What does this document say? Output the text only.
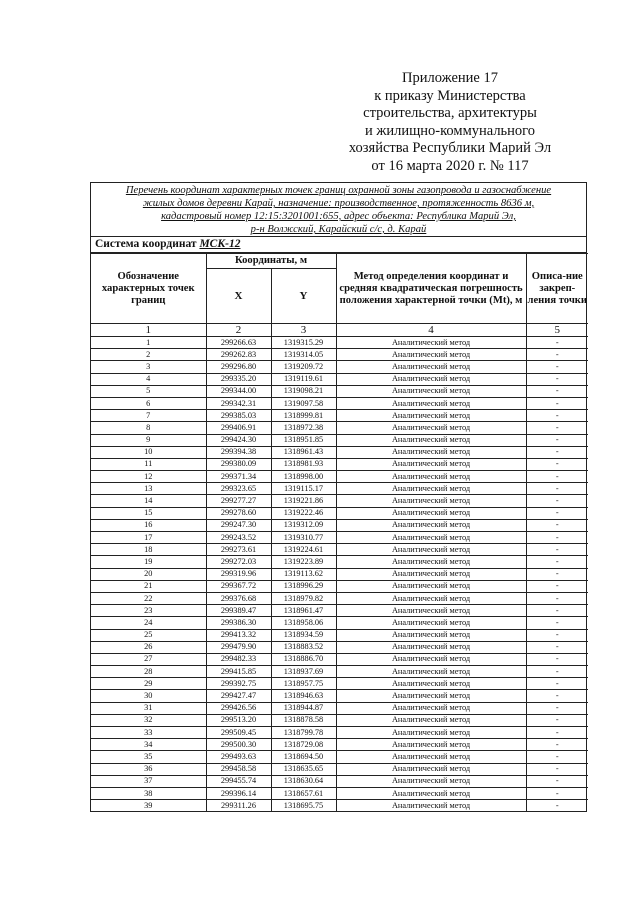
Приложение 17
к приказу Министерства
строительства, архитектуры
и жилищно-коммунального
хозяйства Республики Марий Эл
от 16 марта 2020 г. № 117
Перечень координат характерных точек границ охранной зоны газопровода и газоснабжение
жилых домов деревни Карай, назначение: производственное, протяженность 8636 м,
кадастровый номер 12:15:3201001:655, адрес объекта: Республика Марий Эл,
р-н Волжский, Карайский с/с, д. Карай
Система координат МСК-12
Обозначение характерных точек границ	Координаты, м		Метод определения координат и средняя квадратическая погрешность положения характерной точки (Mt), м	Описа-ние закреп-ления точки
	X	Y		
1	2	3	4	5
1	299266.63	1319315.29	Аналитический метод	-
2	299262.83	1319314.05	Аналитический метод	-
3	299296.80	1319209.72	Аналитический метод	-
4	299335.20	1319119.61	Аналитический метод	-
5	299344.00	1319098.21	Аналитический метод	-
6	299342.31	1319097.58	Аналитический метод	-
7	299385.03	1318999.81	Аналитический метод	-
8	299406.91	1318972.38	Аналитический метод	-
9	299424.30	1318951.85	Аналитический метод	-
10	299394.38	1318961.43	Аналитический метод	-
11	299380.09	1318981.93	Аналитический метод	-
12	299371.34	1318998.00	Аналитический метод	-
13	299323.65	1319115.17	Аналитический метод	-
14	299277.27	1319221.86	Аналитический метод	-
15	299278.60	1319222.46	Аналитический метод	-
16	299247.30	1319312.09	Аналитический метод	-
17	299243.52	1319310.77	Аналитический метод	-
18	299273.61	1319224.61	Аналитический метод	-
19	299272.03	1319223.89	Аналитический метод	-
20	299319.96	1319113.62	Аналитический метод	-
21	299367.72	1318996.29	Аналитический метод	-
22	299376.68	1318979.82	Аналитический метод	-
23	299389.47	1318961.47	Аналитический метод	-
24	299386.30	1318958.06	Аналитический метод	-
25	299413.32	1318934.59	Аналитический метод	-
26	299479.90	1318883.52	Аналитический метод	-
27	299482.33	1318886.70	Аналитический метод	-
28	299415.85	1318937.69	Аналитический метод	-
29	299392.75	1318957.75	Аналитический метод	-
30	299427.47	1318946.63	Аналитический метод	-
31	299426.56	1318944.87	Аналитический метод	-
32	299513.20	1318878.58	Аналитический метод	-
33	299509.45	1318799.78	Аналитический метод	-
34	299500.30	1318729.08	Аналитический метод	-
35	299493.63	1318694.50	Аналитический метод	-
36	299458.58	1318635.65	Аналитический метод	-
37	299455.74	1318630.64	Аналитический метод	-
38	299396.14	1318657.61	Аналитический метод	-
39	299311.26	1318695.75	Аналитический метод	-
